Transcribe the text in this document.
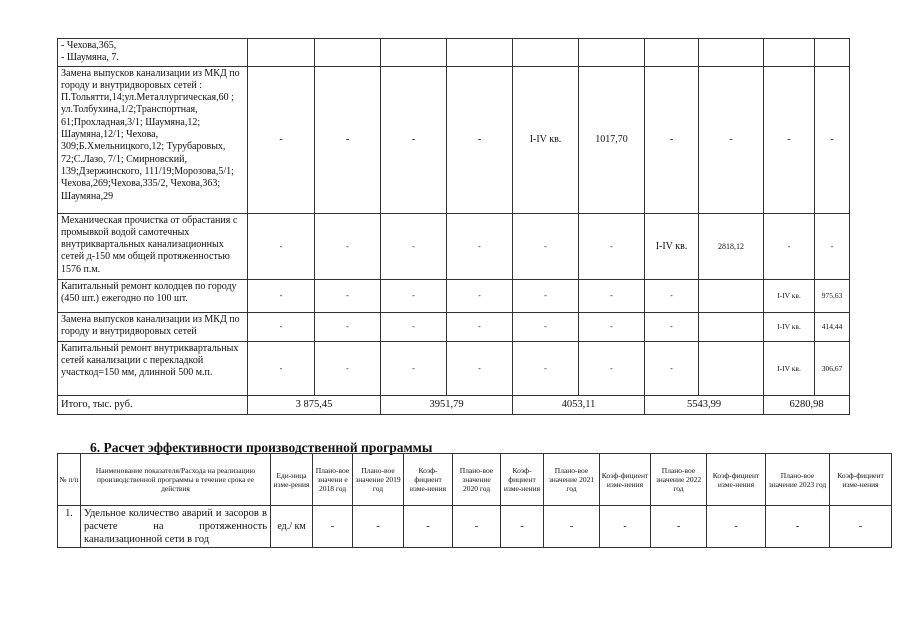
- Чехова,365,
- Шаумяна, 7.										
Замена выпусков канализации из МКД по городу и внутридворовых сетей : П.Тольятти,14;ул.Металлургическая,60 ; ул.Толбухина,1/2;Транспортная, 61;Прохладная,3/1; Шаумяна,12; Шаумяна,12/1; Чехова, 309;Б.Хмельницкого,12; Турубаровых, 72;С.Лазо, 7/1; Смирновский, 139;Дзержинского, 111/19;Морозова,5/1; Чехова,269;Чехова,335/2, Чехова,363; Шаумяна,29	-	-	-	-	I-IV кв.	1017,70	-	-	-	-
Механическая прочистка от обрастания с промывкой водой самотечных внутриквартальных канализационных сетей д-150 мм общей протяженностью 1576 п.м.	-	-	-	-	-	-	I-IV кв.	2818,12	-	-
Капитальный ремонт колодцев по городу (450 шт.) ежегодно по 100 шт.	-	-	-	-	-	-	-		I-IV кв.	975,63
Замена выпусков канализации из МКД по городу и внутридворовых сетей	-	-	-	-	-	-	-		I-IV кв.	414,44
Капитальный ремонт внутриквартальных сетей канализации с перекладкой участкод=150 мм, длинной 500 м.п.	-	-	-	-	-	-	-		I-IV кв.	306,67
Итого, тыс. руб.	3 875,45		3951,79		4053,11		5543,99		6280,98	
6. Расчет эффективности производственной программы
№ п/п	Наименование показателя/Расхода на реализацию производственной программы в течение срока ее действия	Еди-ница изме-рения	Плано-вое значени е 2018 год	Плано-вое значение 2019 год	Коэф-фициент изме-нения	Плано-вое значение 2020 год	Коэф-фициент изме-нения	Плано-вое значение 2021 год	Коэф-фициент изме-нения	Плано-вое значение 2022 год	Коэф-фициент изме-нения	Плано-вое значение 2023 год	Коэф-фициент изме-нения
1.	Удельное количество аварий и засоров в расчете на протяженность канализационной сети в год	ед./ км	-	-	-	-	-	-	-	-	-	-	-
